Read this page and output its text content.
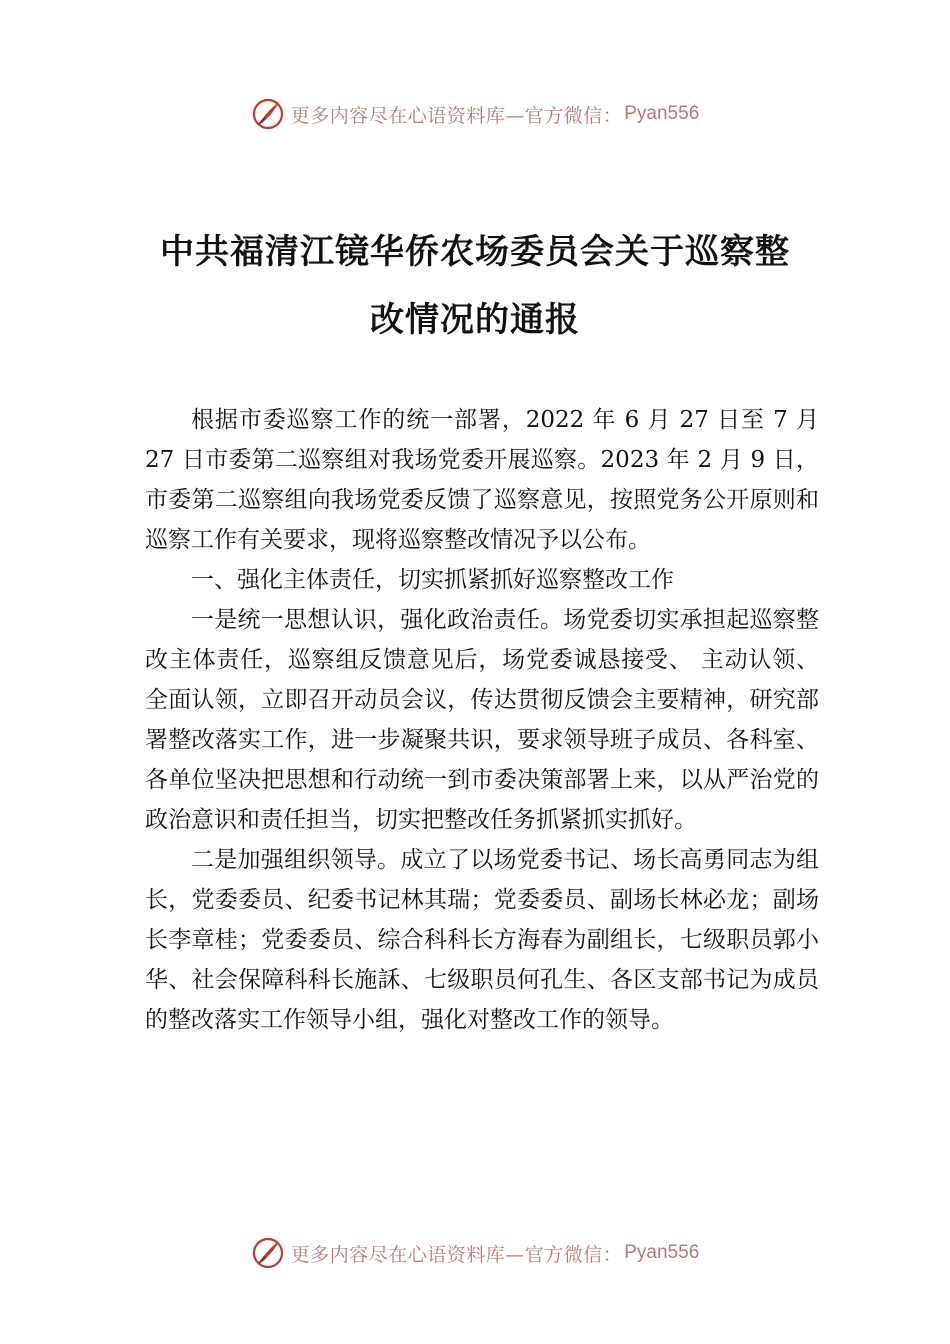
更多内容尽在心语资料库—官方微信： Pyan556
中共福清江镜华侨农场委员会关于巡察整
改情况的通报

根据市委巡察工作的统一部署，2022 年 6 月 27 日至 7 月 27 日市委第二巡察组对我场党委开展巡察。2023 年 2 月 9 日，市委第二巡察组向我场党委反馈了巡察意见，按照党务公开原则和巡察工作有关要求，现将巡察整改情况予以公布。

一、强化主体责任，切实抓紧抓好巡察整改工作

一是统一思想认识，强化政治责任。场党委切实承担起巡察整改主体责任，巡察组反馈意见后，场党委诚恳接受、 主动认领、全面认领，立即召开动员会议，传达贯彻反馈会主要精神，研究部署整改落实工作，进一步凝聚共识，要求领导班子成员、各科室、各单位坚决把思想和行动统一到市委决策部署上来，以从严治党的政治意识和责任担当，切实把整改任务抓紧抓实抓好。

二是加强组织领导。成立了以场党委书记、场长高勇同志为组长，党委委员、纪委书记林其瑞；党委委员、副场长林必龙；副场长李章桂；党委委员、综合科科长方海春为副组长，七级职员郭小华、社会保障科科长施訸、七级职员何孔生、各区支部书记为成员的整改落实工作领导小组，强化对整改工作的领导。

更多内容尽在心语资料库—官方微信： Pyan556
